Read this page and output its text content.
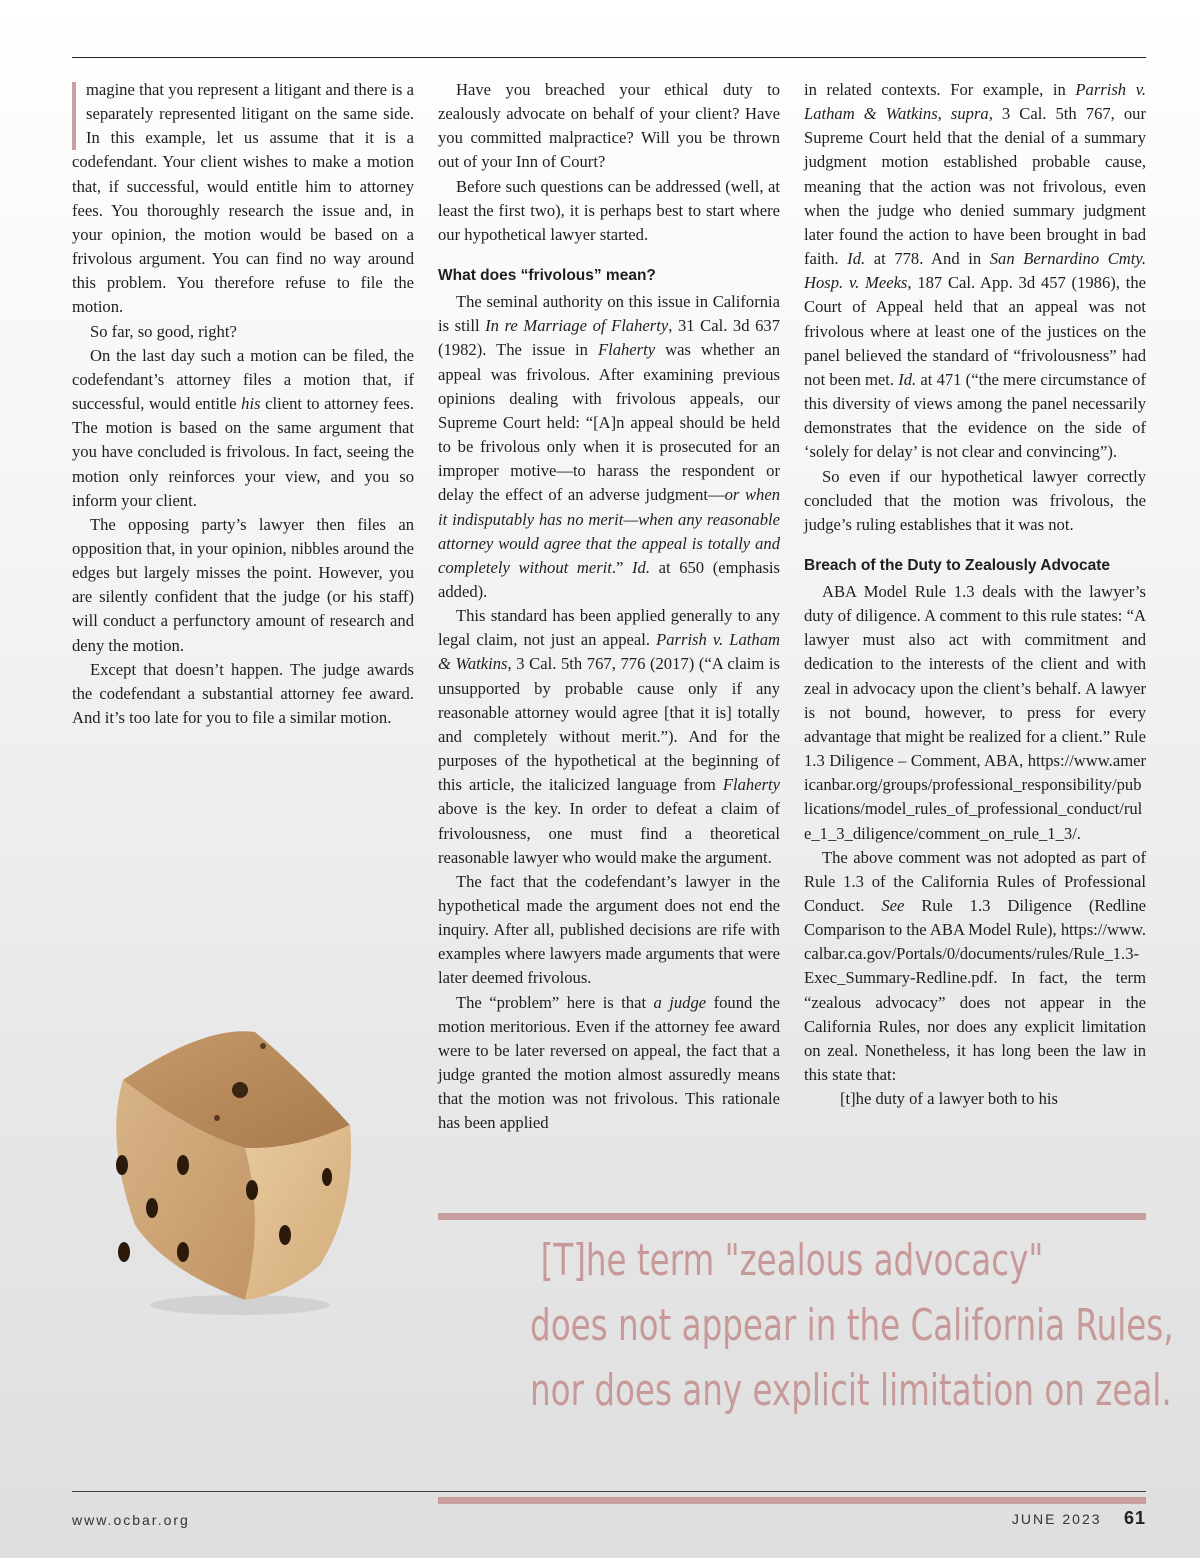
magine that you represent a litigant and there is a separately represented litigant on the same side. In this example, let us assume that it is a codefendant. Your client wishes to make a motion that, if successful, would entitle him to attorney fees. You thoroughly research the issue and, in your opinion, the motion would be based on a frivolous argument. You can find no way around this problem. You therefore refuse to file the motion.

So far, so good, right?

On the last day such a motion can be filed, the codefendant’s attorney files a motion that, if successful, would entitle his client to attorney fees. The motion is based on the same argument that you have concluded is frivolous. In fact, seeing the motion only reinforces your view, and you so inform your client.

The opposing party’s lawyer then files an opposition that, in your opinion, nibbles around the edges but largely misses the point. However, you are silently confident that the judge (or his staff) will conduct a perfunctory amount of research and deny the motion.

Except that doesn’t happen. The judge awards the codefendant a substantial attorney fee award. And it’s too late for you to file a similar motion.

Have you breached your ethical duty to zealously advocate on behalf of your client? Have you committed malpractice? Will you be thrown out of your Inn of Court?

Before such questions can be addressed (well, at least the first two), it is perhaps best to start where our hypothetical lawyer started.

What does “frivolous” mean?

The seminal authority on this issue in California is still In re Marriage of Flaherty, 31 Cal. 3d 637 (1982). The issue in Flaherty was whether an appeal was frivolous. After examining previous opinions dealing with frivolous appeals, our Supreme Court held: “[A]n appeal should be held to be frivolous only when it is prosecuted for an improper motive—to harass the respondent or delay the effect of an adverse judgment—or when it indisputably has no merit—when any reasonable attorney would agree that the appeal is totally and completely without merit.” Id. at 650 (emphasis added).

This standard has been applied generally to any legal claim, not just an appeal. Parrish v. Latham & Watkins, 3 Cal. 5th 767, 776 (2017) (“A claim is unsupported by probable cause only if any reasonable attorney would agree [that it is] totally and completely without merit.”). And for the purposes of the hypothetical at the beginning of this article, the italicized language from Flaherty above is the key. In order to defeat a claim of frivolousness, one must find a theoretical reasonable lawyer who would make the argument.

The fact that the codefendant’s lawyer in the hypothetical made the argument does not end the inquiry. After all, published decisions are rife with examples where lawyers made arguments that were later deemed frivolous.

The “problem” here is that a judge found the motion meritorious. Even if the attorney fee award were to be later reversed on appeal, the fact that a judge granted the motion almost assuredly means that the motion was not frivolous. This rationale has been applied

in related contexts. For example, in Parrish v. Latham & Watkins, supra, 3 Cal. 5th 767, our Supreme Court held that the denial of a summary judgment motion established probable cause, meaning that the action was not frivolous, even when the judge who denied summary judgment later found the action to have been brought in bad faith. Id. at 778. And in San Bernardino Cmty. Hosp. v. Meeks, 187 Cal. App. 3d 457 (1986), the Court of Appeal held that an appeal was not frivolous where at least one of the justices on the panel believed the standard of “frivolousness” had not been met. Id. at 471 (“the mere circumstance of this diversity of views among the panel necessarily demonstrates that the evidence on the side of ‘solely for delay’ is not clear and convincing”).

So even if our hypothetical lawyer correctly concluded that the motion was frivolous, the judge’s ruling establishes that it was not.

Breach of the Duty to Zealously Advocate

ABA Model Rule 1.3 deals with the lawyer’s duty of diligence. A comment to this rule states: “A lawyer must also act with commitment and dedication to the interests of the client and with zeal in advocacy upon the client’s behalf. A lawyer is not bound, however, to press for every advantage that might be realized for a client.” Rule 1.3 Diligence – Comment, ABA, https://www.americanbar.org/groups/professional_responsibility/publications/model_rules_of_professional_conduct/rule_1_3_diligence/comment_on_rule_1_3/.

The above comment was not adopted as part of Rule 1.3 of the California Rules of Professional Conduct. See Rule 1.3 Diligence (Redline Comparison to the ABA Model Rule), https://www.calbar.ca.gov/Portals/0/documents/rules/Rule_1.3-Exec_Summary-Redline.pdf. In fact, the term “zealous advocacy” does not appear in the California Rules, nor does any explicit limitation on zeal. Nonetheless, it has long been the law in this state that:

[t]he duty of a lawyer both to his

[T]he term "zealous advocacy"
does not appear in the California Rules,
nor does any explicit limitation on zeal.
www.ocbar.org	JUNE 2023 61
